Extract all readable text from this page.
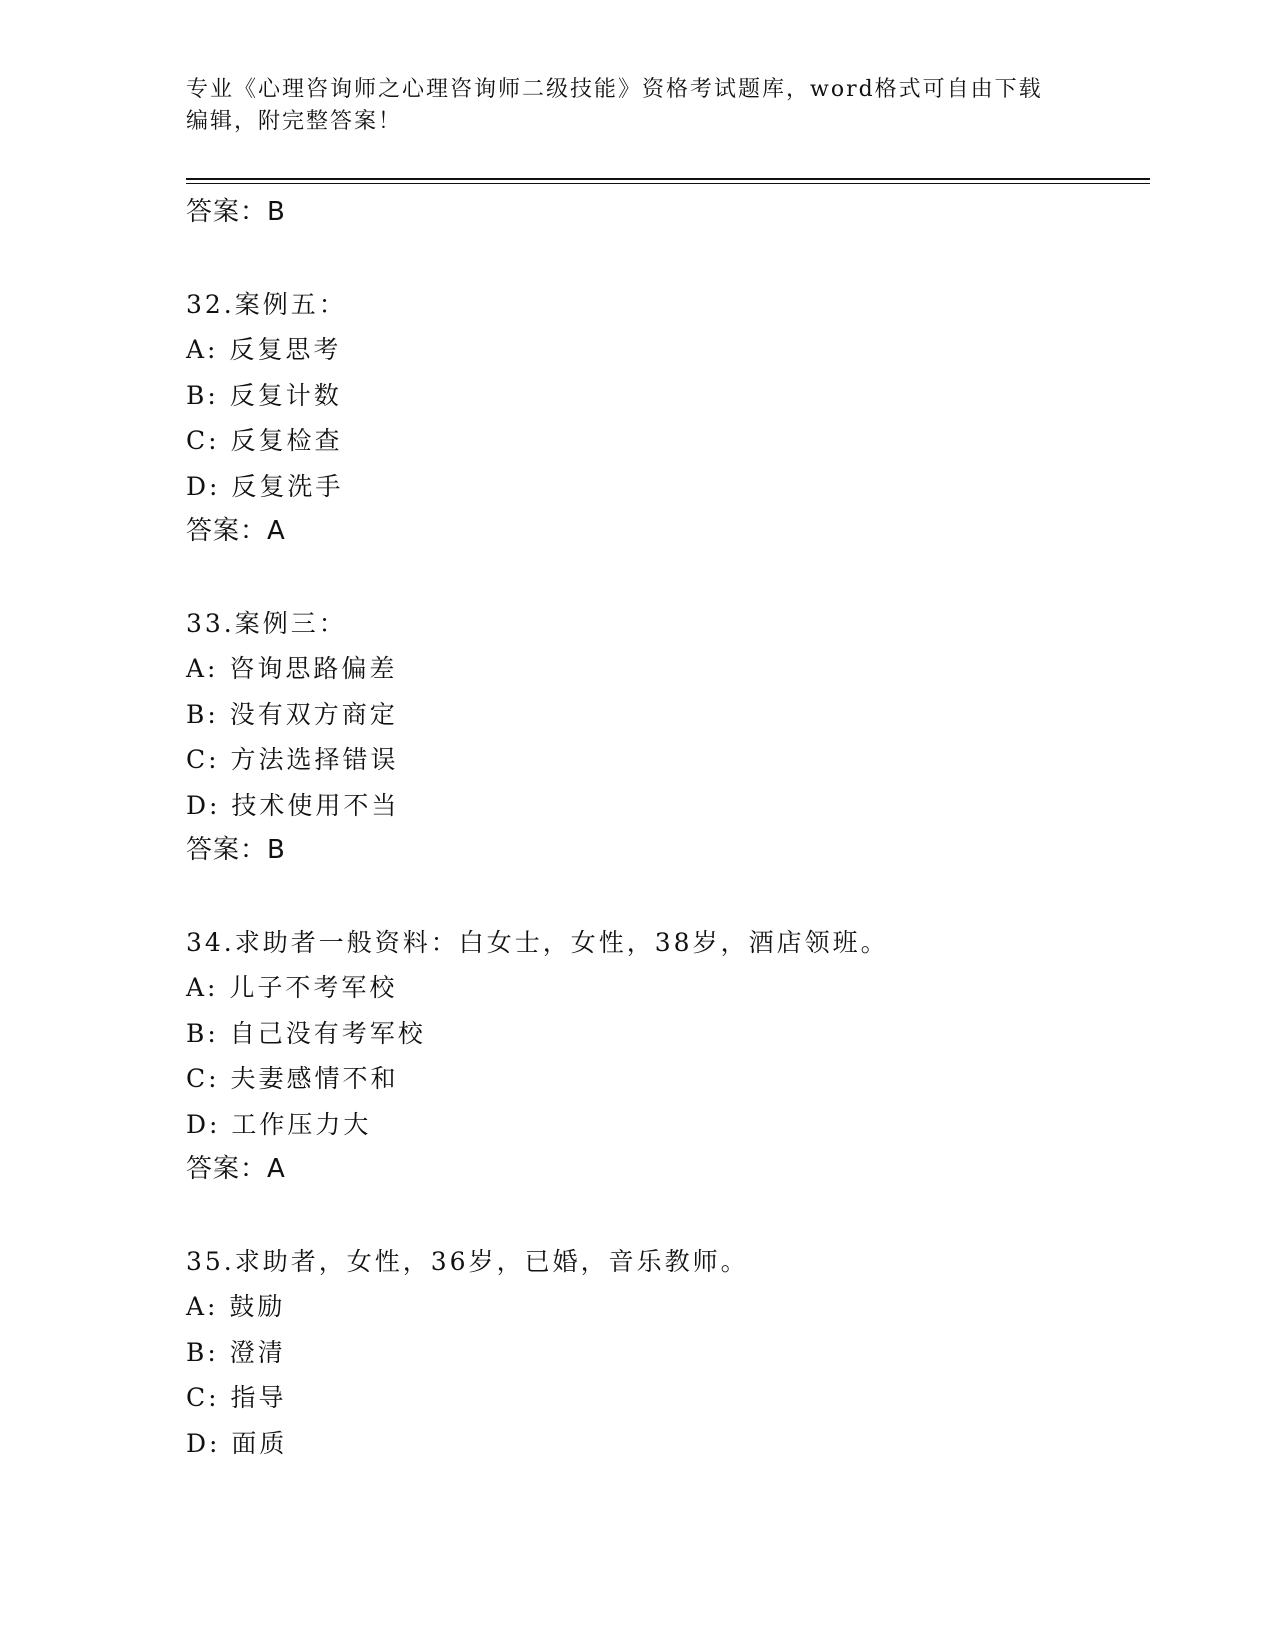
专业《心理咨询师之心理咨询师二级技能》资格考试题库，word格式可自由下载
编辑，附完整答案！
答案：B
32.案例五：
A: 反复思考
B: 反复计数
C: 反复检查
D: 反复洗手
答案：A
33.案例三：
A: 咨询思路偏差
B: 没有双方商定
C: 方法选择错误
D: 技术使用不当
答案：B
34.求助者一般资料：白女士，女性，38岁，酒店领班。
A: 儿子不考军校
B: 自己没有考军校
C: 夫妻感情不和
D: 工作压力大
答案：A
35.求助者，女性，36岁，已婚，音乐教师。
A: 鼓励
B: 澄清
C: 指导
D: 面质
